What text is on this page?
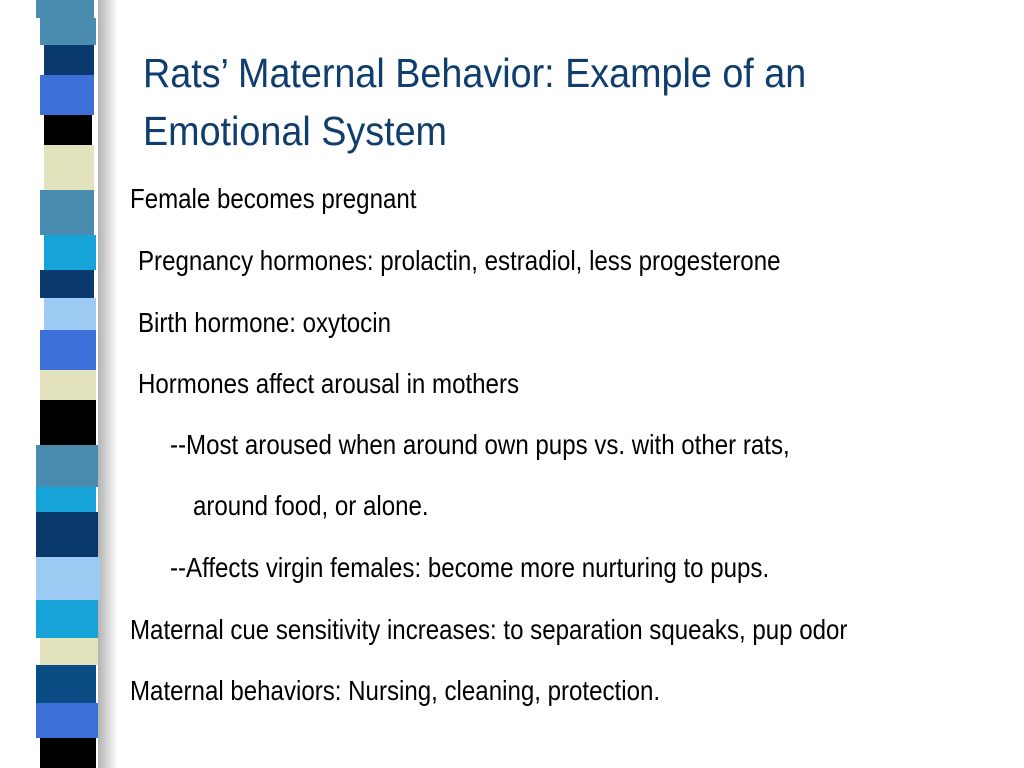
Rats’ Maternal Behavior: Example of an
Emotional System
Female becomes pregnant
Pregnancy hormones: prolactin, estradiol, less progesterone
Birth hormone: oxytocin
Hormones affect arousal in mothers
--Most aroused when around own pups vs. with other rats,
around food, or alone.
--Affects virgin females: become more nurturing to pups.
Maternal cue sensitivity increases: to separation squeaks, pup odor
Maternal behaviors: Nursing, cleaning, protection.
